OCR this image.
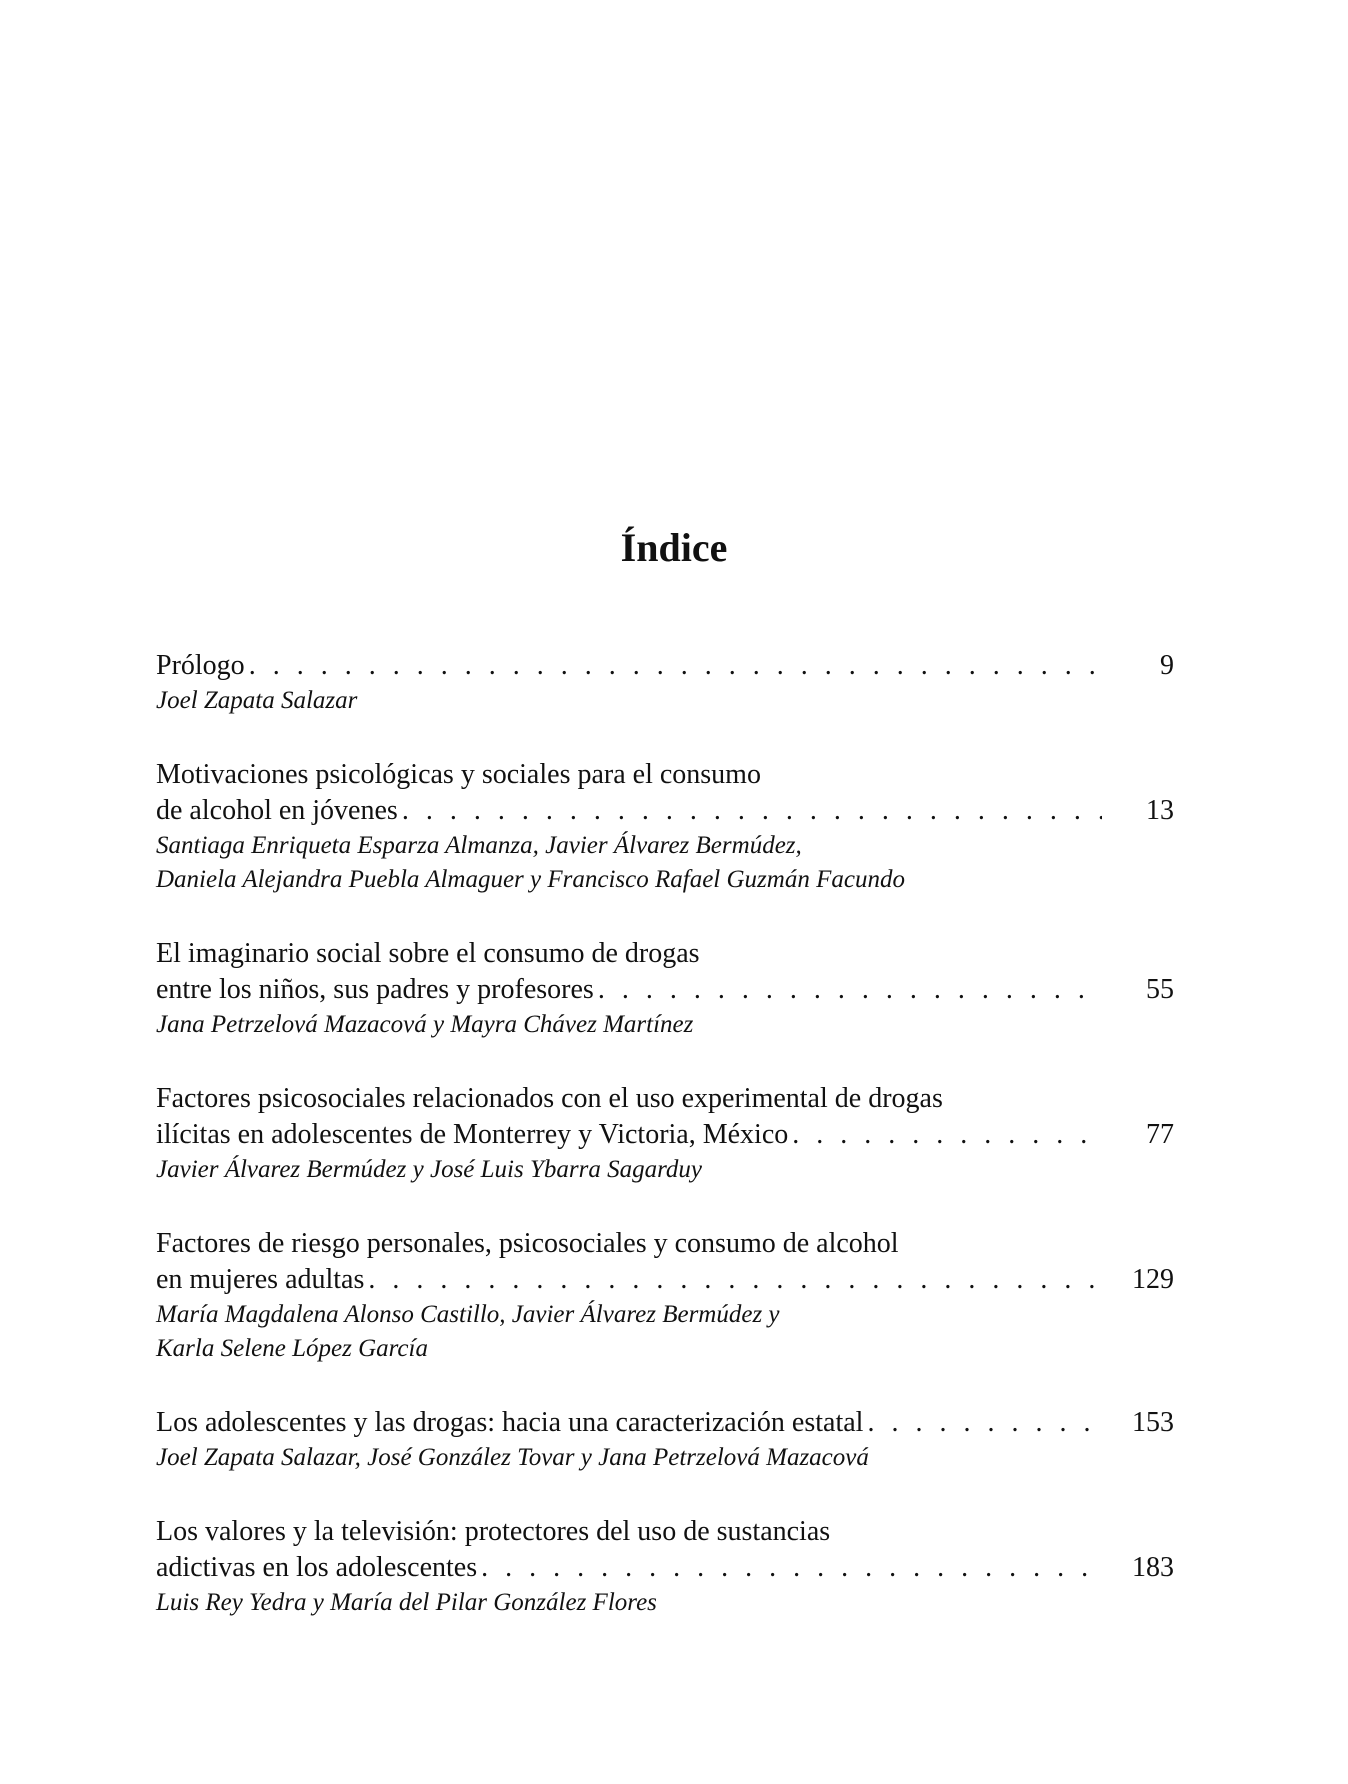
Índice
Prólogo . . .	9
Joel Zapata Salazar
Motivaciones psicológicas y sociales para el consumo
de alcohol en jóvenes . . .	13
Santiaga Enriqueta Esparza Almanza, Javier Álvarez Bermúdez,
Daniela Alejandra Puebla Almaguer y Francisco Rafael Guzmán Facundo
El imaginario social sobre el consumo de drogas
entre los niños, sus padres y profesores . . .	55
Jana Petrzelová Mazacová y Mayra Chávez Martínez
Factores psicosociales relacionados con el uso experimental de drogas
ilícitas en adolescentes de Monterrey y Victoria, México . . .	77
Javier Álvarez Bermúdez y José Luis Ybarra Sagarduy
Factores de riesgo personales, psicosociales y consumo de alcohol
en mujeres adultas . . .	129
María Magdalena Alonso Castillo, Javier Álvarez Bermúdez y
Karla Selene López García
Los adolescentes y las drogas: hacia una caracterización estatal . . .	153
Joel Zapata Salazar, José González Tovar y Jana Petrzelová Mazacová
Los valores y la televisión: protectores del uso de sustancias
adictivas en los adolescentes . . .	183
Luis Rey Yedra y María del Pilar González Flores
